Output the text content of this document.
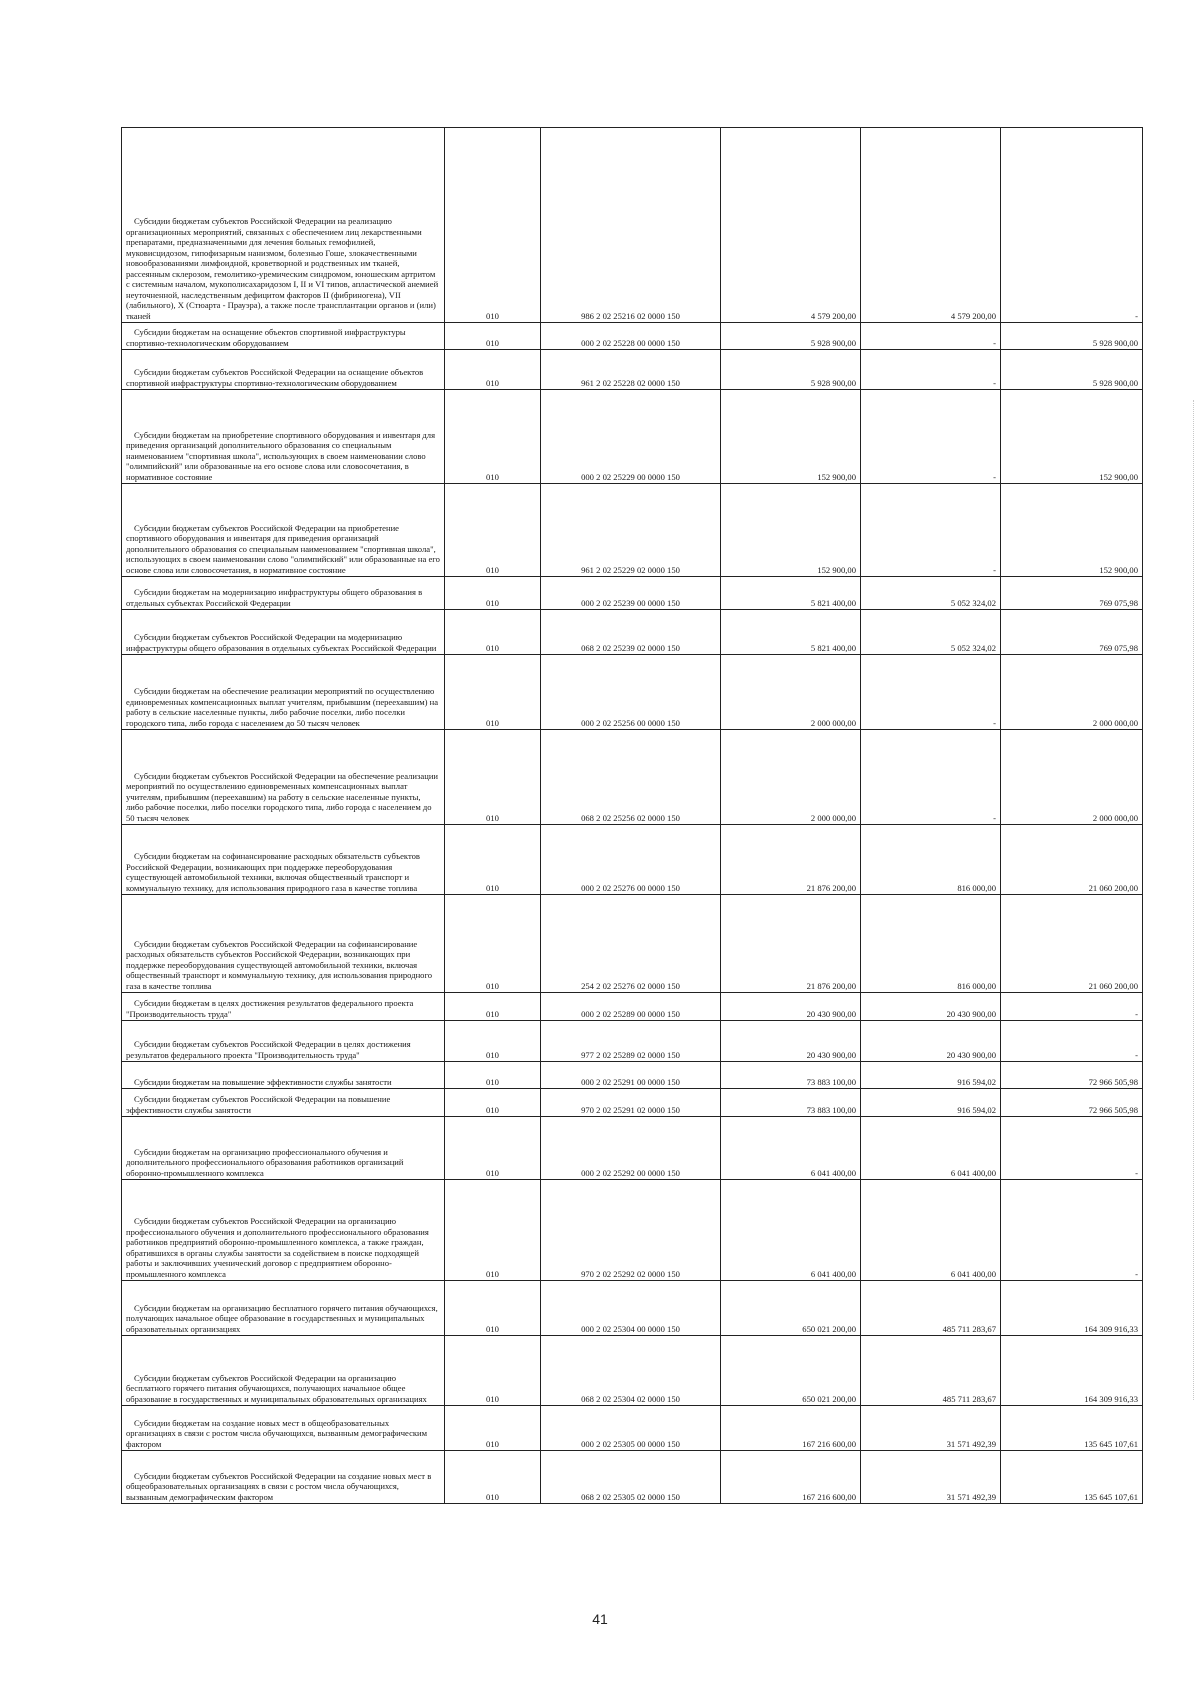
Субсидии бюджетам субъектов Российской Федерации на реализацию организационных мероприятий, связанных с обеспечением лиц лекарственными препаратами, предназначенными для лечения больных гемофилией, муковисцидозом, гипофизарным нанизмом, болезнью Гоше, злокачественными новообразованиями лимфоидной, кроветворной и родственных им тканей, рассеянным склерозом, гемолитико-уремическим синдромом, юношеским артритом с системным началом, мукополисахаридозом I, II и VI типов, апластической анемией неуточненной, наследственным дефицитом факторов II (фибриногена), VII (лабильного), X (Стюарта - Прауэра), а также после трансплантации органов и (или) тканей	010	986 2 02 25216 02 0000 150	4 579 200,00	4 579 200,00	-
Субсидии бюджетам на оснащение объектов спортивной инфраструктуры спортивно-технологическим оборудованием	010	000 2 02 25228 00 0000 150	5 928 900,00	-	5 928 900,00
Субсидии бюджетам субъектов Российской Федерации на оснащение объектов спортивной инфраструктуры спортивно-технологическим оборудованием	010	961 2 02 25228 02 0000 150	5 928 900,00	-	5 928 900,00
Субсидии бюджетам на приобретение спортивного оборудования и инвентаря для приведения организаций дополнительного образования со специальным наименованием "спортивная школа", использующих в своем наименовании слово "олимпийский" или образованные на его основе слова или словосочетания, в нормативное состояние	010	000 2 02 25229 00 0000 150	152 900,00	-	152 900,00
Субсидии бюджетам субъектов Российской Федерации на приобретение спортивного оборудования и инвентаря для приведения организаций дополнительного образования со специальным наименованием "спортивная школа", использующих в своем наименовании слово "олимпийский" или образованные на его основе слова или словосочетания, в нормативное состояние	010	961 2 02 25229 02 0000 150	152 900,00	-	152 900,00
Субсидии бюджетам на модернизацию инфраструктуры общего образования в отдельных субъектах Российской Федерации	010	000 2 02 25239 00 0000 150	5 821 400,00	5 052 324,02	769 075,98
Субсидии бюджетам субъектов Российской Федерации на модернизацию инфраструктуры общего образования в отдельных субъектах Российской Федерации	010	068 2 02 25239 02 0000 150	5 821 400,00	5 052 324,02	769 075,98
Субсидии бюджетам на обеспечение реализации мероприятий по осуществлению единовременных компенсационных выплат учителям, прибывшим (переехавшим) на работу в сельские населенные пункты, либо рабочие поселки, либо поселки городского типа, либо города с населением до 50 тысяч человек	010	000 2 02 25256 00 0000 150	2 000 000,00	-	2 000 000,00
Субсидии бюджетам субъектов Российской Федерации на обеспечение реализации мероприятий по осуществлению единовременных компенсационных выплат учителям, прибывшим (переехавшим) на работу в сельские населенные пункты, либо рабочие поселки, либо поселки городского типа, либо города с населением до 50 тысяч человек	010	068 2 02 25256 02 0000 150	2 000 000,00	-	2 000 000,00
Субсидии бюджетам на софинансирование расходных обязательств субъектов Российской Федерации, возникающих при поддержке переоборудования существующей автомобильной техники, включая общественный транспорт и коммунальную технику, для использования природного газа в качестве топлива	010	000 2 02 25276 00 0000 150	21 876 200,00	816 000,00	21 060 200,00
Субсидии бюджетам субъектов Российской Федерации на софинансирование расходных обязательств субъектов Российской Федерации, возникающих при поддержке переоборудования существующей автомобильной техники, включая общественный транспорт и коммунальную технику, для использования природного газа в качестве топлива	010	254 2 02 25276 02 0000 150	21 876 200,00	816 000,00	21 060 200,00
Субсидии бюджетам в целях достижения результатов федерального проекта "Производительность труда"	010	000 2 02 25289 00 0000 150	20 430 900,00	20 430 900,00	-
Субсидии бюджетам субъектов Российской Федерации в целях достижения результатов федерального проекта "Производительность труда"	010	977 2 02 25289 02 0000 150	20 430 900,00	20 430 900,00	-
Субсидии бюджетам на повышение эффективности службы занятости	010	000 2 02 25291 00 0000 150	73 883 100,00	916 594,02	72 966 505,98
Субсидии бюджетам субъектов Российской Федерации на повышение эффективности службы занятости	010	970 2 02 25291 02 0000 150	73 883 100,00	916 594,02	72 966 505,98
Субсидии бюджетам на организацию профессионального обучения и дополнительного профессионального образования работников организаций оборонно-промышленного комплекса	010	000 2 02 25292 00 0000 150	6 041 400,00	6 041 400,00	-
Субсидии бюджетам субъектов Российской Федерации на организацию профессионального обучения и дополнительного профессионального образования работников предприятий оборонно-промышленного комплекса, а также граждан, обратившихся в органы службы занятости за содействием в поиске подходящей работы и заключивших ученический договор с предприятием оборонно-промышленного комплекса	010	970 2 02 25292 02 0000 150	6 041 400,00	6 041 400,00	-
Субсидии бюджетам на организацию бесплатного горячего питания обучающихся, получающих начальное общее образование в государственных и муниципальных образовательных организациях	010	000 2 02 25304 00 0000 150	650 021 200,00	485 711 283,67	164 309 916,33
Субсидии бюджетам субъектов Российской Федерации на организацию бесплатного горячего питания обучающихся, получающих начальное общее образование в государственных и муниципальных образовательных организациях	010	068 2 02 25304 02 0000 150	650 021 200,00	485 711 283,67	164 309 916,33
Субсидии бюджетам на создание новых мест в общеобразовательных организациях в связи с ростом числа обучающихся, вызванным демографическим фактором	010	000 2 02 25305 00 0000 150	167 216 600,00	31 571 492,39	135 645 107,61
Субсидии бюджетам субъектов Российской Федерации на создание новых мест в общеобразовательных организациях в связи с ростом числа обучающихся, вызванным демографическим фактором	010	068 2 02 25305 02 0000 150	167 216 600,00	31 571 492,39	135 645 107,61
41
